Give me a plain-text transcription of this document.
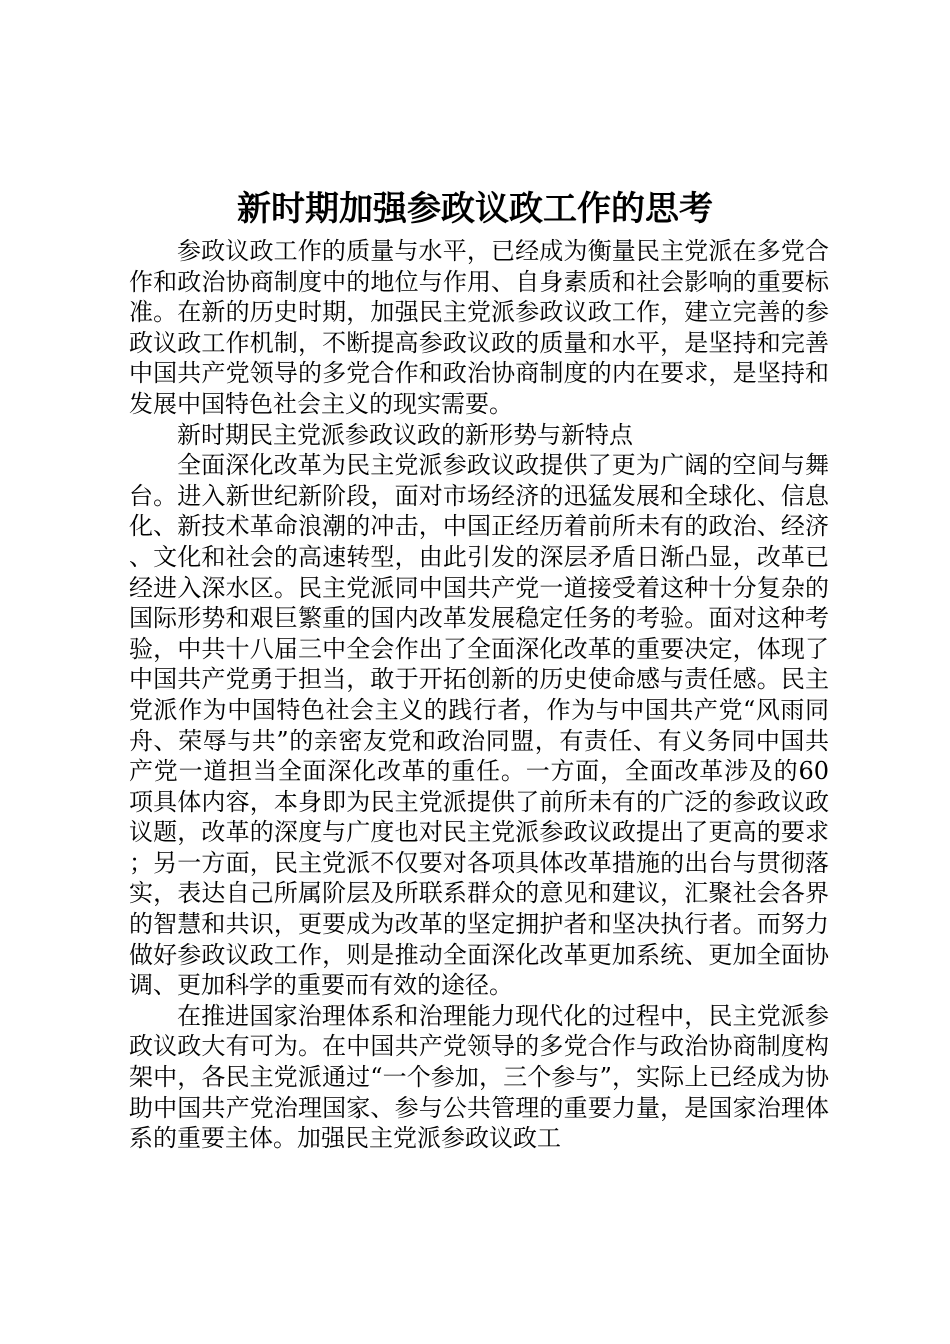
新时期加强参政议政工作的思考

参政议政工作的质量与水平，已经成为衡量民主党派在多党合作和政治协商制度中的地位与作用、自身素质和社会影响的重要标准。在新的历史时期，加强民主党派参政议政工作，建立完善的参政议政工作机制，不断提高参政议政的质量和水平，是坚持和完善中国共产党领导的多党合作和政治协商制度的内在要求，是坚持和发展中国特色社会主义的现实需要。

新时期民主党派参政议政的新形势与新特点

全面深化改革为民主党派参政议政提供了更为广阔的空间与舞台。进入新世纪新阶段，面对市场经济的迅猛发展和全球化、信息化、新技术革命浪潮的冲击，中国正经历着前所未有的政治、经济、文化和社会的高速转型，由此引发的深层矛盾日渐凸显，改革已经进入深水区。民主党派同中国共产党一道接受着这种十分复杂的国际形势和艰巨繁重的国内改革发展稳定任务的考验。面对这种考验，中共十八届三中全会作出了全面深化改革的重要决定，体现了中国共产党勇于担当，敢于开拓创新的历史使命感与责任感。民主党派作为中国特色社会主义的践行者，作为与中国共产党“风雨同舟、荣辱与共”的亲密友党和政治同盟，有责任、有义务同中国共产党一道担当全面深化改革的重任。一方面，全面改革涉及的60项具体内容，本身即为民主党派提供了前所未有的广泛的参政议政议题，改革的深度与广度也对民主党派参政议政提出了更高的要求；另一方面，民主党派不仅要对各项具体改革措施的出台与贯彻落实，表达自己所属阶层及所联系群众的意见和建议，汇聚社会各界的智慧和共识，更要成为改革的坚定拥护者和坚决执行者。而努力做好参政议政工作，则是推动全面深化改革更加系统、更加全面协调、更加科学的重要而有效的途径。

在推进国家治理体系和治理能力现代化的过程中，民主党派参政议政大有可为。在中国共产党领导的多党合作与政治协商制度构架中，各民主党派通过“一个参加，三个参与”，实际上已经成为协助中国共产党治理国家、参与公共管理的重要力量，是国家治理体系的重要主体。加强民主党派参政议政工
